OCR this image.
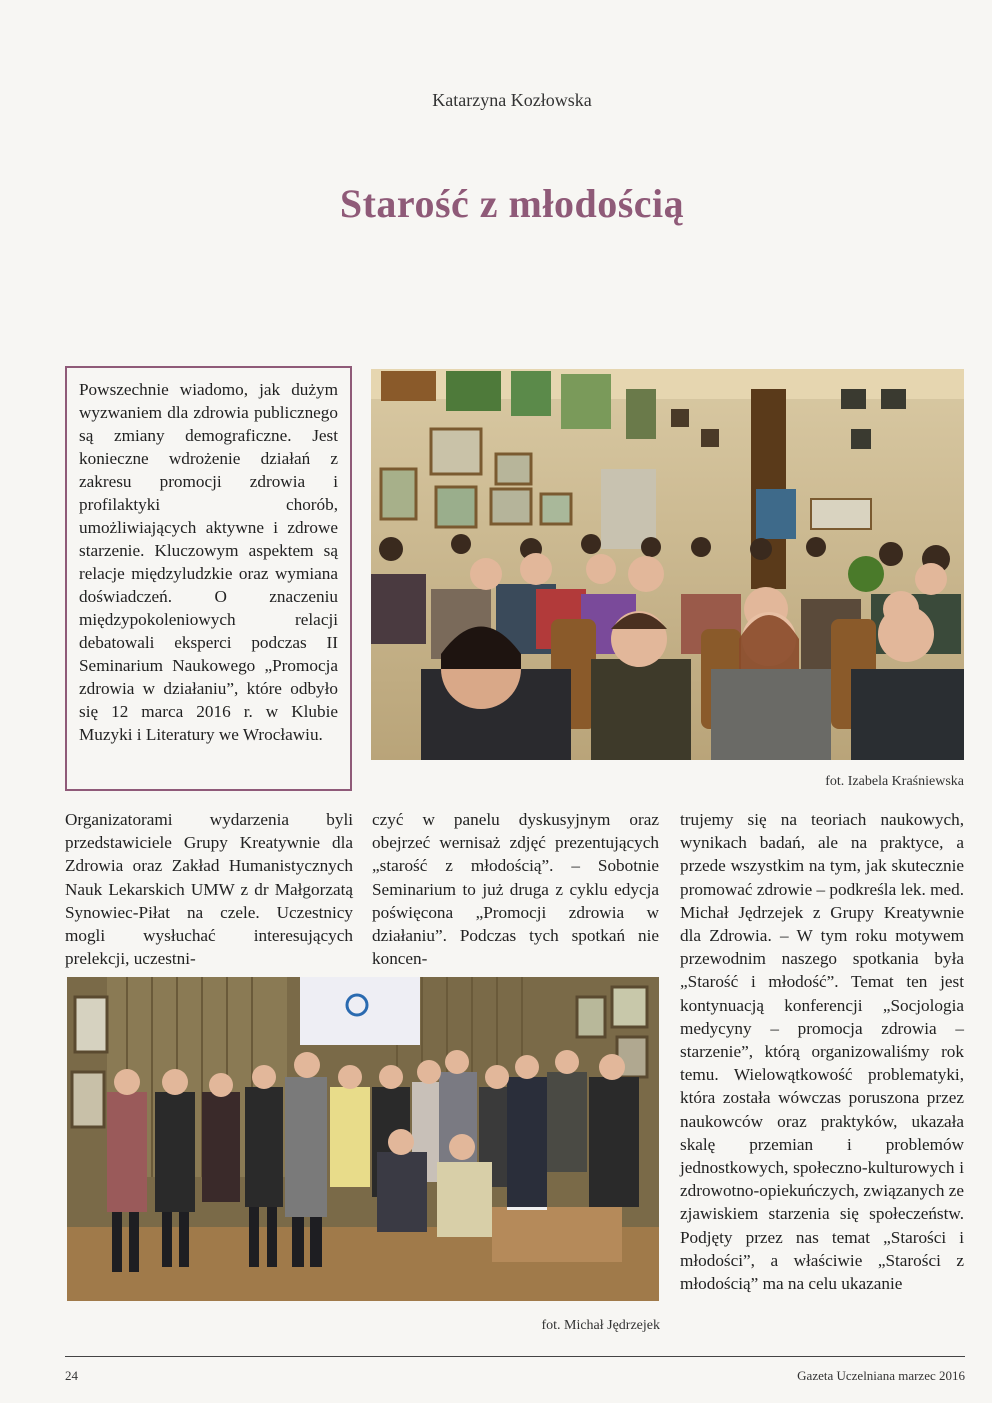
Katarzyna Kozłowska
Starość z młodością
Powszechnie wiadomo, jak dużym wyzwaniem dla zdrowia publicznego są zmiany demograficzne. Jest konieczne wdrożenie działań z zakresu promocji zdrowia i profilaktyki chorób, umożliwiających aktywne i zdrowe starzenie. Kluczowym aspektem są relacje międzyludzkie oraz wymiana doświadczeń. O znaczeniu międzypokoleniowych relacji debatowali eksperci podczas II Seminarium Naukowego „Promocja zdrowia w działaniu”, które odbyło się 12 marca 2016 r. w Klubie Muzyki i Literatury we Wrocławiu.
fot. Izabela Kraśniewska
Organizatorami wydarzenia byli przedstawiciele Grupy Kreatywnie dla Zdrowia oraz Zakład Humanistycznych Nauk Lekarskich UMW z dr Małgorzatą Synowiec-Piłat na czele. Uczestnicy mogli wysłuchać interesujących prelekcji, uczestni-
czyć w panelu dyskusyjnym oraz obejrzeć wernisaż zdjęć prezentujących „starość z młodością”. – Sobotnie Seminarium to już druga z cyklu edycja poświęcona „Promocji zdrowia w działaniu”. Podczas tych spotkań nie koncen-
trujemy się na teoriach naukowych, wynikach badań, ale na praktyce, a przede wszystkim na tym, jak skutecznie promować zdrowie – podkreśla lek. med. Michał Jędrzejek z Grupy Kreatywnie dla Zdrowia. – W tym roku motywem przewodnim naszego spotkania była „Starość i młodość”. Temat ten jest kontynuacją konferencji „Socjologia medycyny – promocja zdrowia – starzenie”, którą organizowaliśmy rok temu. Wielowątkowość problematyki, która została wówczas poruszona przez naukowców oraz praktyków, ukazała skalę przemian i problemów jednostkowych, społeczno-kulturowych i zdrowotno-opiekuńczych, związanych ze zjawiskiem starzenia się społeczeństw. Podjęty przez nas temat „Starości i młodości”, a właściwie „Starości z młodością” ma na celu ukazanie
fot. Michał Jędrzejek
24	Gazeta Uczelniana marzec 2016
